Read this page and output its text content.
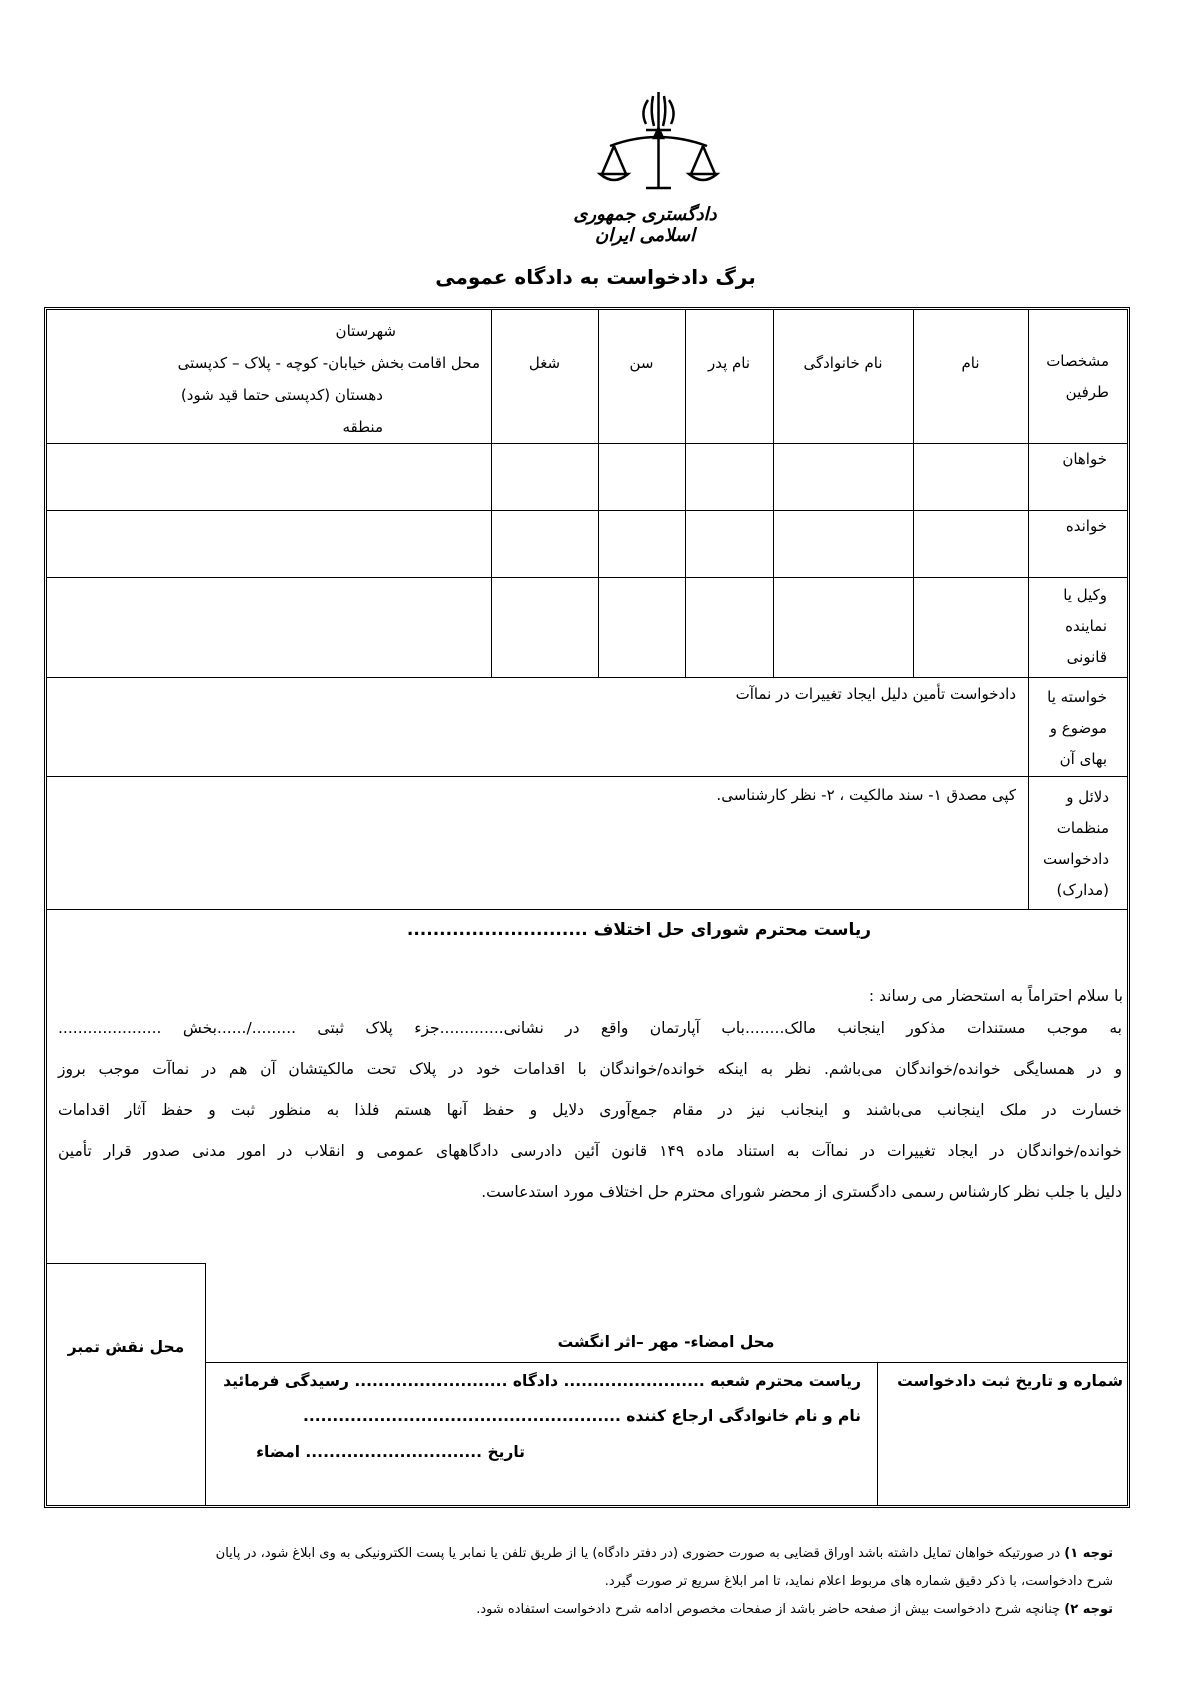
دادگستری جمهوری اسلامی ایران
برگ دادخواست به دادگاه عمومی
مشخصات طرفین
نام
نام خانوادگی
نام پدر
سن
شغل
محل اقامت
شهرستان
بخش خیابان- کوچه - پلاک – کدپستی
دهستان (کدپستی حتما قید شود)
منطقه
خواهان
خوانده
وکیل یا نماینده قانونی
خواسته یا موضوع و بهای آن
دادخواست تأمین دلیل ایجاد تغییرات در نماآت
دلائل و منظمات دادخواست (مدارک)
کپی مصدق ۱- سند مالکیت ، ۲- نظر کارشناسی.
ریاست محترم شورای حل اختلاف ............................
با سلام احتراماً به استحضار می رساند :
به موجب مستندات مذکور اینجانب مالک........باب آپارتمان واقع در نشانی.............جزء پلاک ثبتی .........‌/......بخش .....................
و در همسایگی خوانده/خواندگان می‌باشم. نظر به اینکه خوانده/خواندگان با اقدامات خود در پلاک تحت مالکیتشان آن هم در نماآت موجب بروز
خسارت در ملک اینجانب می‌باشند و اینجانب نیز در مقام جمع‌آوری دلایل و حفظ آنها هستم فلذا به منظور ثبت و حفظ آثار اقدامات
خوانده/خواندگان در ایجاد تغییرات در نماآت به استناد ماده ۱۴۹ قانون آئین دادرسی دادگاههای عمومی و انقلاب در امور مدنی صدور قرار تأمین
دلیل با جلب نظر کارشناس رسمی دادگستری از محضر شورای محترم حل اختلاف مورد استدعاست.
محل نقش تمبر	محل امضاء- مهر –اثر انگشت
شماره و تاریخ ثبت دادخواست
ریاست محترم شعبه ........................ دادگاه .......................... رسیدگی فرمائید
نام و نام خانوادگی ارجاع کننده ......................................................
تاریخ .............................. امضاء
توجه ۱) در صورتیکه خواهان تمایل داشته باشد اوراق قضایی به صورت حضوری (در دفتر دادگاه) یا از طریق تلفن یا نمابر یا پست الکترونیکی به وی ابلاغ شود، در پایان
شرح دادخواست، با ذکر دقیق شماره های مربوط اعلام نماید، تا امر ابلاغ سریع تر صورت گیرد.
توجه ۲) چنانچه شرح دادخواست بیش از صفحه حاضر باشد از صفحات مخصوص ادامه شرح دادخواست استفاده شود.
